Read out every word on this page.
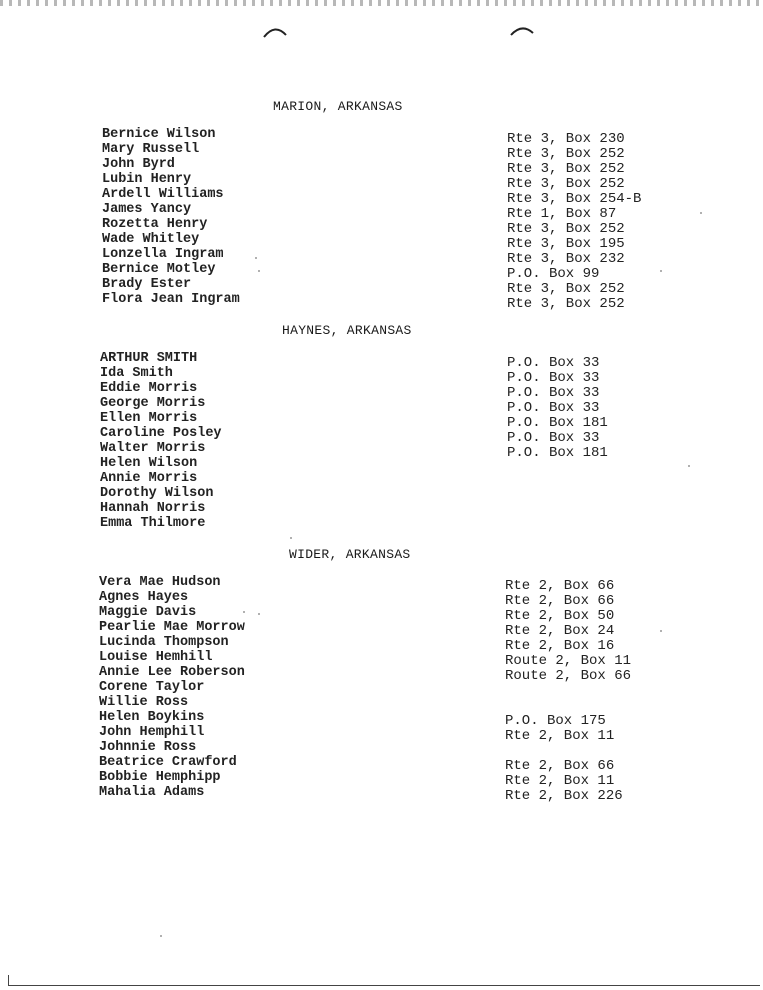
MARION, ARKANSAS
Bernice Wilson
Mary Russell
John Byrd
Lubin Henry
Ardell Williams
James Yancy
Rozetta Henry
Wade Whitley
Lonzella Ingram
Bernice Motley
Brady Ester
Flora Jean Ingram
Rte 3, Box 230
Rte 3, Box 252
Rte 3, Box 252
Rte 3, Box 252
Rte 3, Box 254-B
Rte 1, Box 87
Rte 3, Box 252
Rte 3, Box 195
Rte 3, Box 232
P.O. Box 99
Rte 3, Box 252
Rte 3, Box 252
HAYNES, ARKANSAS
ARTHUR SMITH
Ida Smith
Eddie Morris
George Morris
Ellen Morris
Caroline Posley
Walter Morris
Helen Wilson
Annie Morris
Dorothy Wilson
Hannah Norris
Emma Thilmore
P.O. Box 33
P.O. Box 33
P.O. Box 33
P.O. Box 33
P.O. Box 181
P.O. Box 33
P.O. Box 181
WIDER, ARKANSAS
Vera Mae Hudson
Agnes Hayes
Maggie Davis
Pearlie Mae Morrow
Lucinda Thompson
Louise Hemhill
Annie Lee Roberson
Corene Taylor
Willie Ross
Helen Boykins
John Hemphill
Johnnie Ross
Beatrice Crawford
Bobbie Hemphipp
Mahalia Adams
Rte 2, Box 66
Rte 2, Box 66
Rte 2, Box 50
Rte 2, Box 24
Rte 2, Box 16
Route 2, Box 11
Route 2, Box 66
P.O. Box 175
Rte 2, Box 11
Rte 2, Box 66
Rte 2, Box 11
Rte 2, Box 226
